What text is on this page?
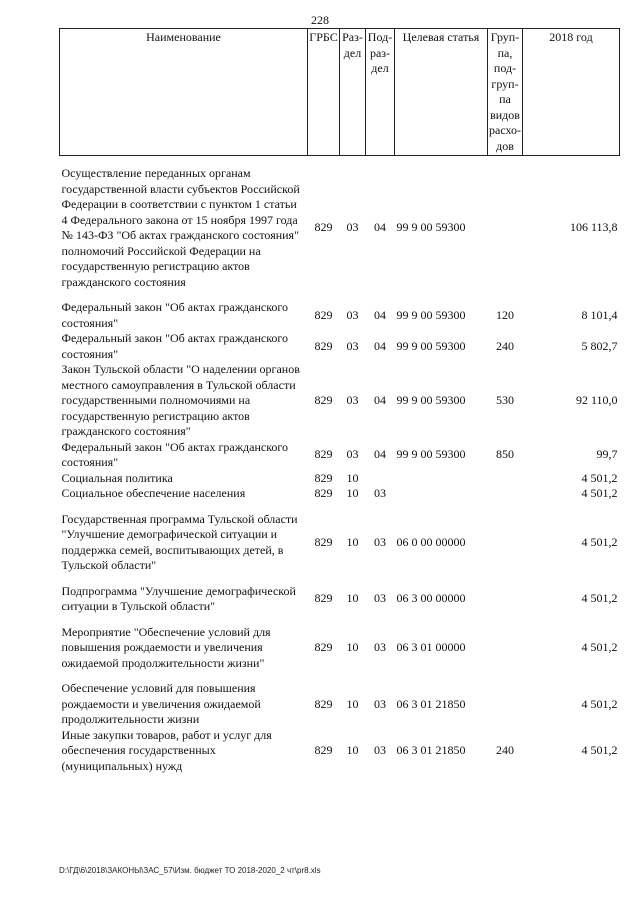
228
Наименование	ГРБС	Раз-дел	Под-раз-дел	Целевая статья	Груп-па, под-груп-па видов расхо-дов	2018 год

Осуществление переданных органам государственной власти субъектов Российской Федерации в соответствии с пунктом 1 статьи 4 Федерального закона от 15 ноября 1997 года № 143-ФЗ "Об актах гражданского состояния" полномочий Российской Федерации на государственную регистрацию актов гражданского состояния	829	03	04	99 9 00 59300		106 113,8

Федеральный закон "Об актах гражданского состояния"	829	03	04	99 9 00 59300	120	8 101,4
Федеральный закон "Об актах гражданского состояния"	829	03	04	99 9 00 59300	240	5 802,7
Закон Тульской области "О наделении органов местного самоуправления в Тульской области государственными полномочиями на государственную регистрацию актов гражданского состояния"	829	03	04	99 9 00 59300	530	92 110,0
Федеральный закон "Об актах гражданского состояния"	829	03	04	99 9 00 59300	850	99,7
Социальная политика	829	10				4 501,2
Социальное обеспечение населения	829	10	03			4 501,2

Государственная программа Тульской области "Улучшение демографической ситуации и поддержка семей, воспитывающих детей, в Тульской области"	829	10	03	06 0 00 00000		4 501,2

Подпрограмма "Улучшение демографической ситуации в Тульской области"	829	10	03	06 3 00 00000		4 501,2

Мероприятие "Обеспечение условий для повышения рождаемости и увеличения ожидаемой продолжительности жизни"	829	10	03	06 3 01 00000		4 501,2

Обеспечение условий для повышения рождаемости и увеличения ожидаемой продолжительности жизни	829	10	03	06 3 01 21850		4 501,2
Иные закупки товаров, работ и услуг для обеспечения государственных (муниципальных) нужд	829	10	03	06 3 01 21850	240	4 501,2
D:\ГД\6\2018\ЗАКОНЫ\ЗАС_57\Изм. бюджет ТО 2018-2020_2 чт\pr8.xls
